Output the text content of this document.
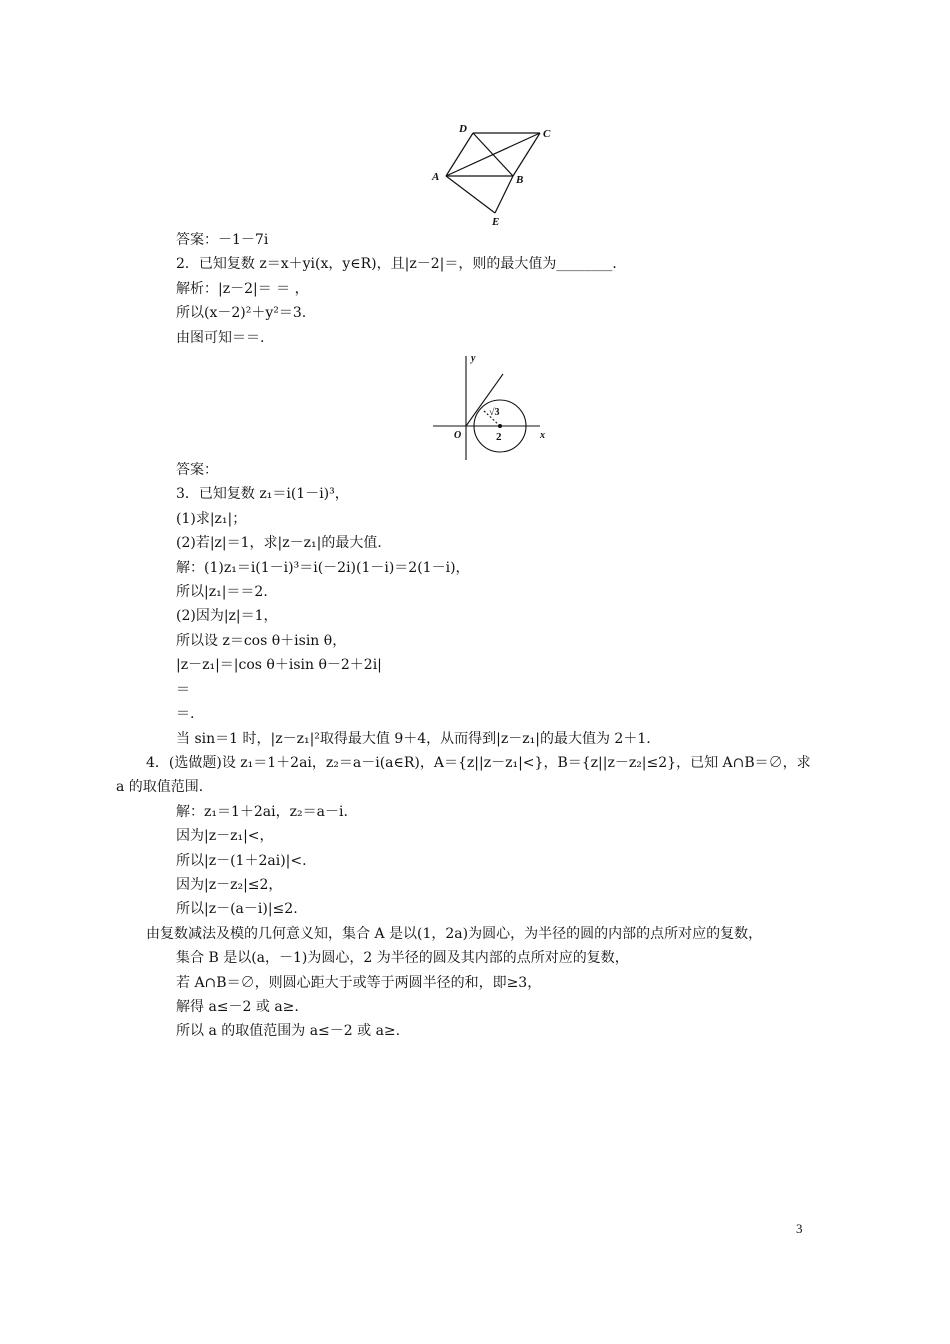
A	B
C
D
E
y
x
O	2
√3

答案：－1－7i

2．已知复数 z＝x＋yi(x，y∈R)，且|z－2|＝，则的最大值为________．

解析：|z－2|＝ ＝ ，

所以(x－2)²＋y²＝3.

由图可知＝＝.

答案：

3．已知复数 z₁＝i(1－i)³，

(1)求|z₁|；

(2)若|z|＝1，求|z－z₁|的最大值．

解：(1)z₁＝i(1－i)³＝i(－2i)(1－i)＝2(1－i)，

所以|z₁|＝＝2.

(2)因为|z|＝1，

所以设 z＝cos θ＋isin θ，

|z－z₁|＝|cos θ＋isin θ－2＋2i|

＝

＝.

当 sin＝1 时，|z－z₁|²取得最大值 9＋4，从而得到|z－z₁|的最大值为 2＋1.

4．(选做题)设 z₁＝1＋2ai，z₂＝a－i(a∈R)，A＝{z||z－z₁|<}，B＝{z||z－z₂|≤2}，已知 A∩B＝∅，求 a 的取值范围．

解：z₁＝1＋2ai，z₂＝a－i.

因为|z－z₁|<，

所以|z－(1＋2ai)|<.

因为|z－z₂|≤2，

所以|z－(a－i)|≤2.

由复数减法及模的几何意义知，集合 A 是以(1，2a)为圆心，为半径的圆的内部的点所对应的复数，

集合 B 是以(a，－1)为圆心，2 为半径的圆及其内部的点所对应的复数，

若 A∩B＝∅，则圆心距大于或等于两圆半径的和，即≥3，

解得 a≤－2 或 a≥.

所以 a 的取值范围为 a≤－2 或 a≥.

3
